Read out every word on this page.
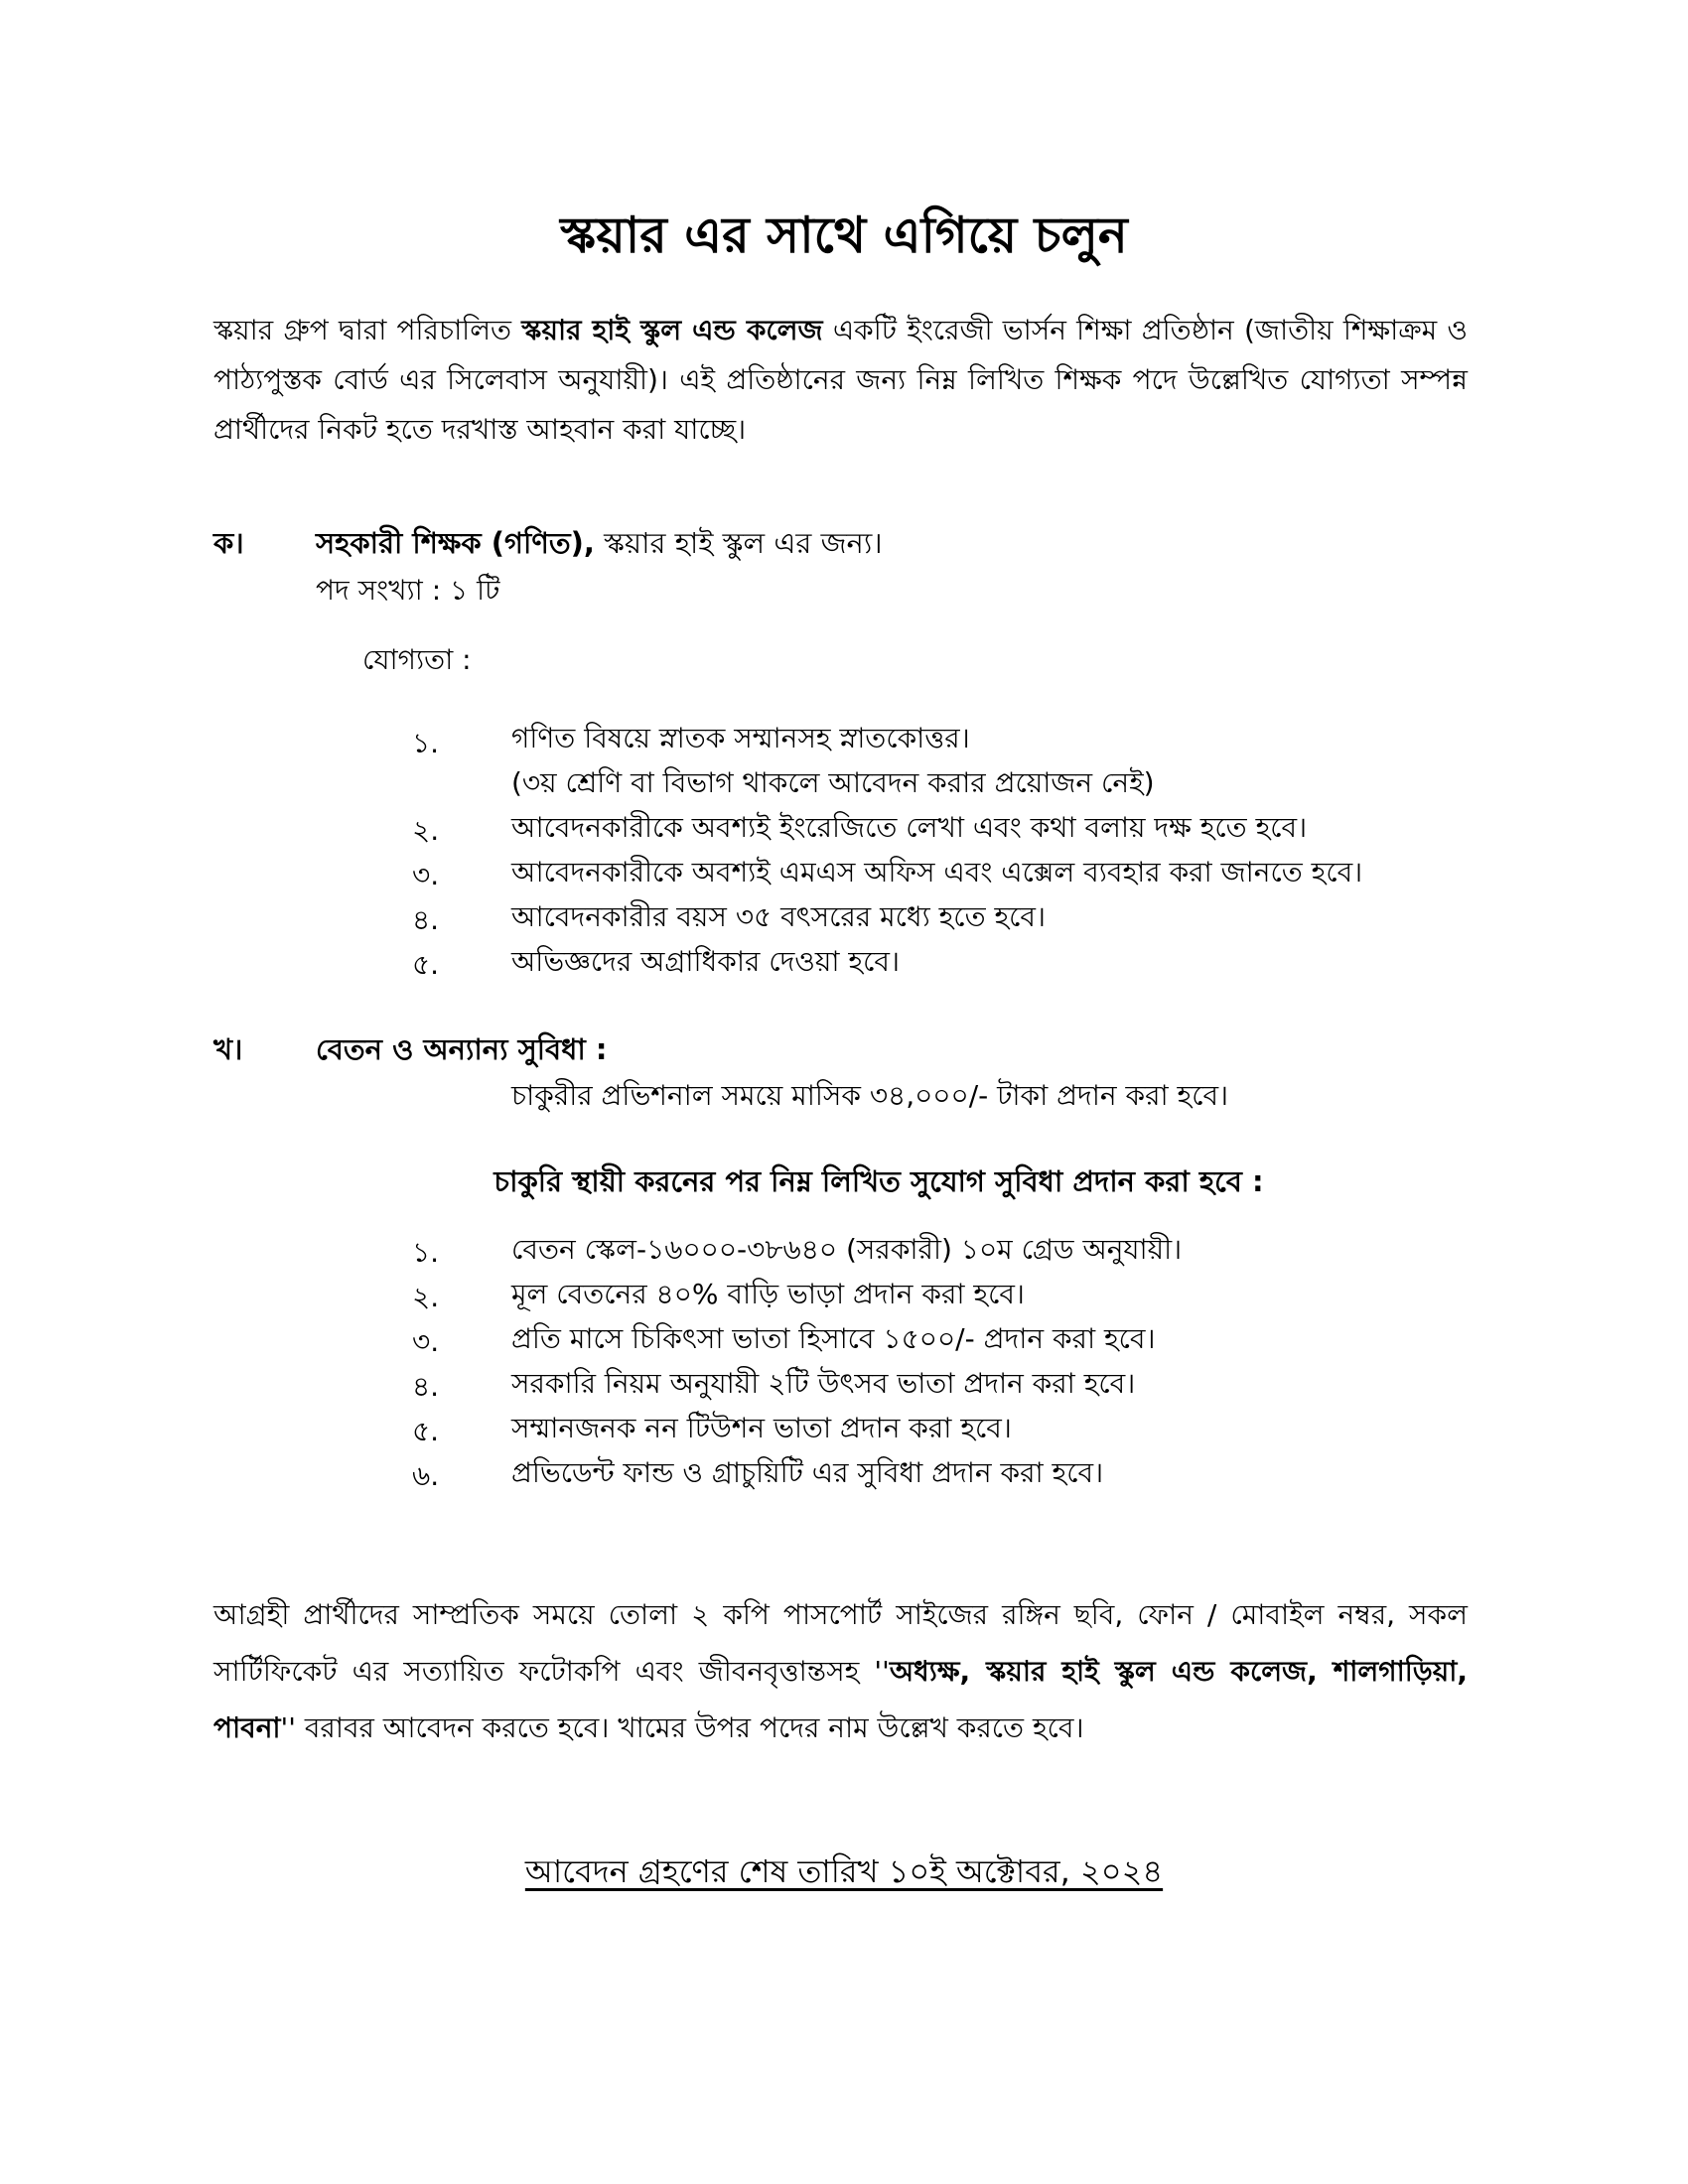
স্কয়ার এর সাথে এগিয়ে চলুন

স্কয়ার গ্রুপ দ্বারা পরিচালিত স্কয়ার হাই স্কুল এন্ড কলেজ একটি ইংরেজী ভার্সন শিক্ষা প্রতিষ্ঠান (জাতীয় শিক্ষাক্রম ও পাঠ্যপুস্তক বোর্ড এর সিলেবাস অনুযায়ী)। এই প্রতিষ্ঠানের জন্য নিম্ন লিখিত শিক্ষক পদে উল্লেখিত যোগ্যতা সম্পন্ন প্রার্থীদের নিকট হতে দরখাস্ত আহবান করা যাচ্ছে।

ক। সহকারী শিক্ষক (গণিত), স্কয়ার হাই স্কুল এর জন্য।
পদ সংখ্যা : ১ টি
যোগ্যতা :
১.	গণিত বিষয়ে স্নাতক সম্মানসহ স্নাতকোত্তর।
(৩য় শ্রেণি বা বিভাগ থাকলে আবেদন করার প্রয়োজন নেই)
২.	আবেদনকারীকে অবশ্যই ইংরেজিতে লেখা এবং কথা বলায় দক্ষ হতে হবে।
৩.	আবেদনকারীকে অবশ্যই এমএস অফিস এবং এক্সেল ব্যবহার করা জানতে হবে।
৪.	আবেদনকারীর বয়স ৩৫ বৎসরের মধ্যে হতে হবে।
৫.	অভিজ্ঞদের অগ্রাধিকার দেওয়া হবে।
খ।	বেতন ও অন্যান্য সুবিধা :
চাকুরীর প্রভিশনাল সময়ে মাসিক ৩৪,০০০/- টাকা প্রদান করা হবে।
চাকুরি স্থায়ী করনের পর নিম্ন লিখিত সুযোগ সুবিধা প্রদান করা হবে :
১.	বেতন স্কেল-১৬০০০-৩৮৬৪০ (সরকারী) ১০ম গ্রেড অনুযায়ী।
২.	মূল বেতনের ৪০% বাড়ি ভাড়া প্রদান করা হবে।
৩.	প্রতি মাসে চিকিৎসা ভাতা হিসাবে ১৫০০/- প্রদান করা হবে।
৪.	সরকারি নিয়ম অনুযায়ী ২টি উৎসব ভাতা প্রদান করা হবে।
৫.	সম্মানজনক নন টিউশন ভাতা প্রদান করা হবে।
৬.	প্রভিডেন্ট ফান্ড ও গ্রাচুয়িটি এর সুবিধা প্রদান করা হবে।

আগ্রহী প্রার্থীদের সাম্প্রতিক সময়ে তোলা ২ কপি পাসপোর্ট সাইজের রঙ্গিন ছবি, ফোন / মোবাইল নম্বর, সকল সার্টিফিকেট এর সত্যায়িত ফটোকপি এবং জীবনবৃত্তান্তসহ ''অধ্যক্ষ, স্কয়ার হাই স্কুল এন্ড কলেজ, শালগাড়িয়া, পাবনা'' বরাবর আবেদন করতে হবে। খামের উপর পদের নাম উল্লেখ করতে হবে।

আবেদন গ্রহণের শেষ তারিখ ১০ই অক্টোবর, ২০২৪
